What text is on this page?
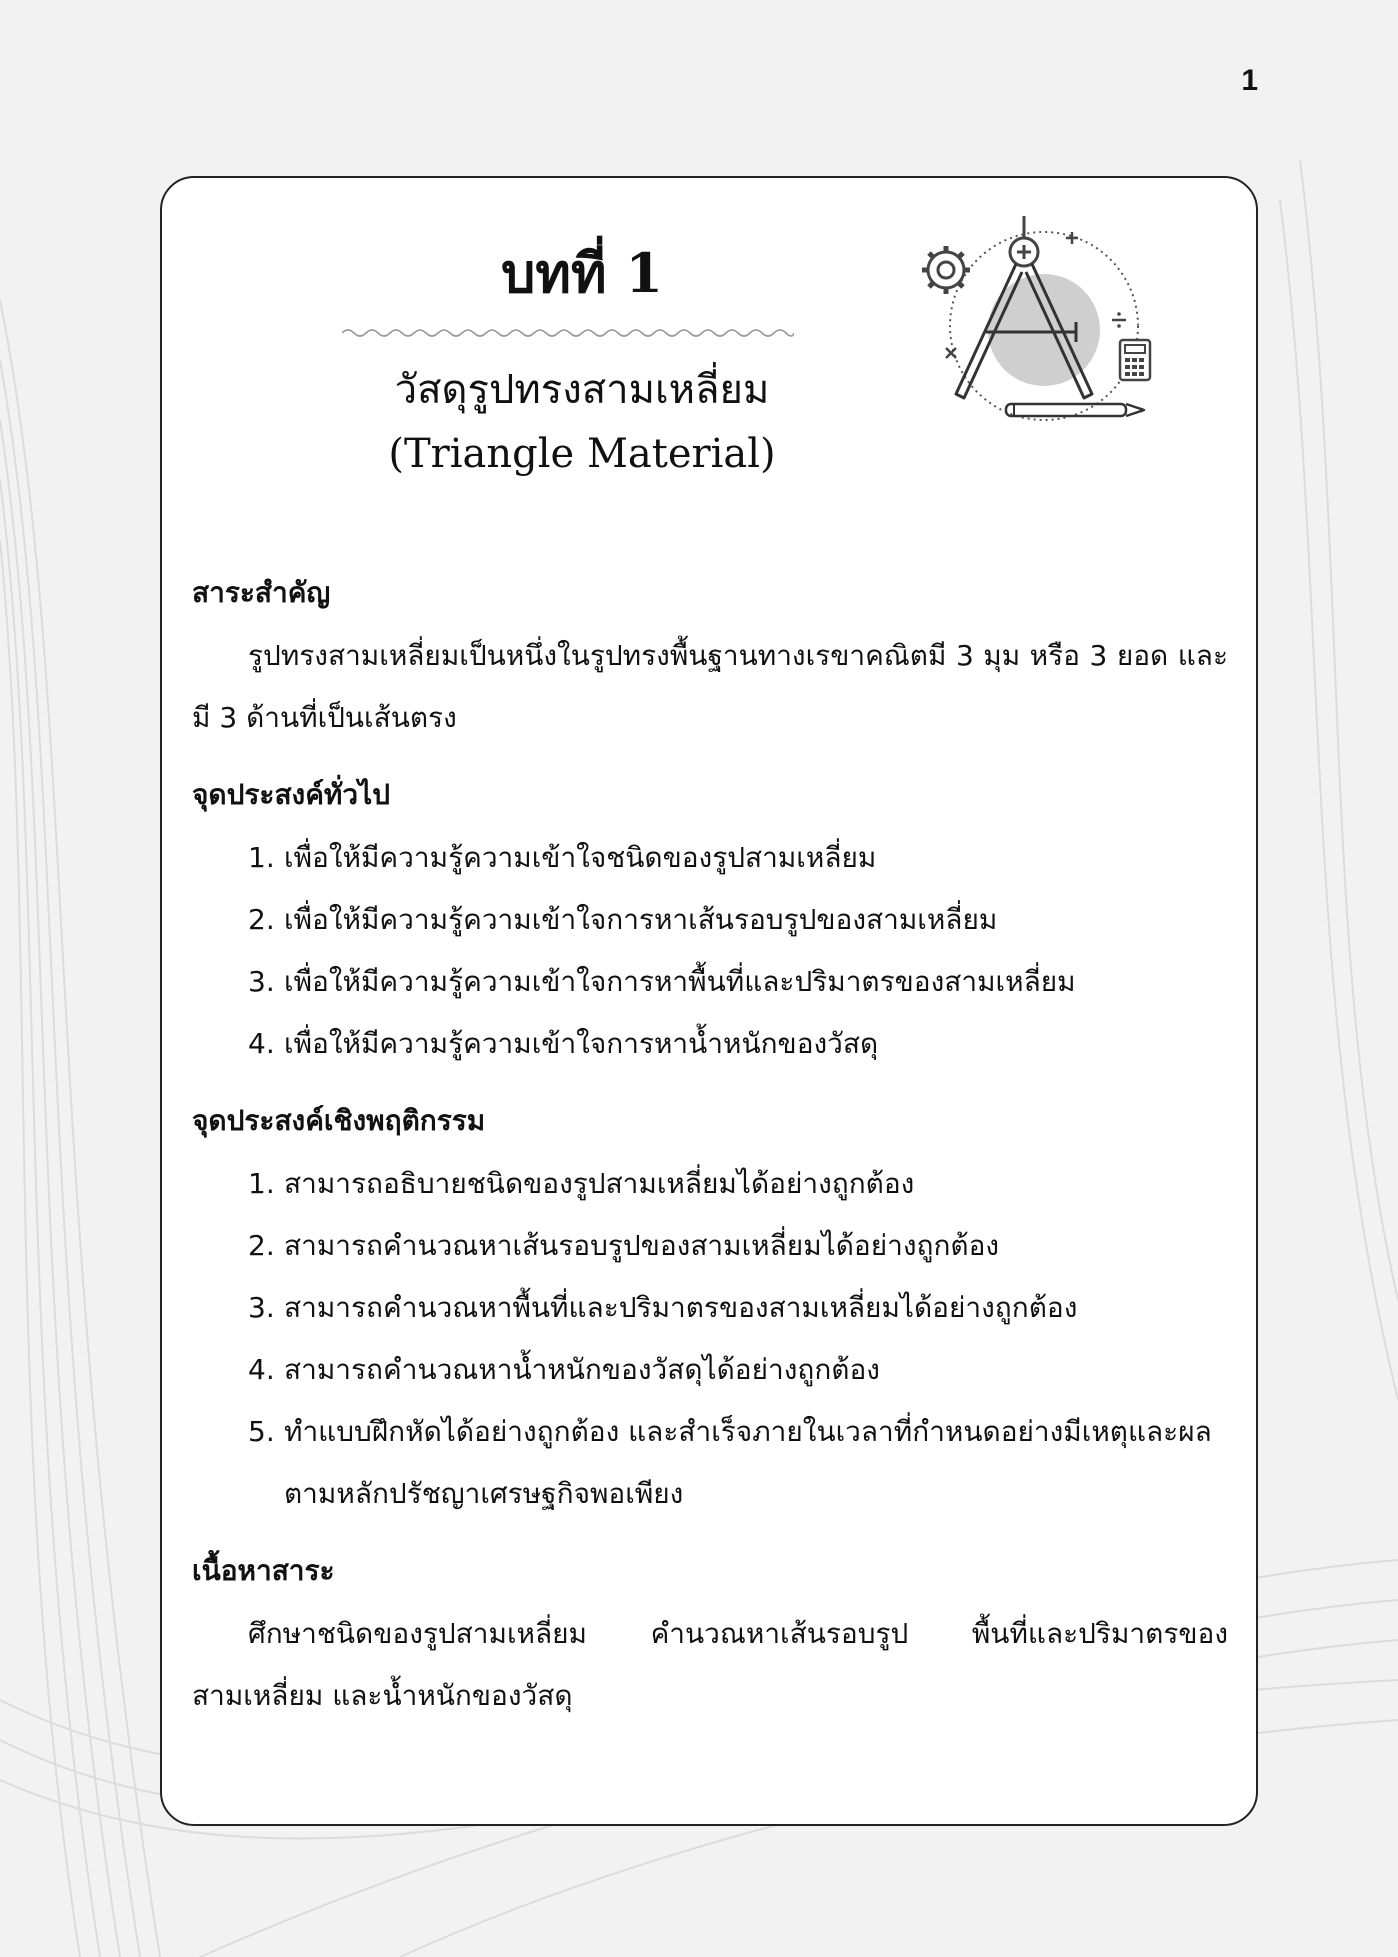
1
บทที่ 1
วัสดุรูปทรงสามเหลี่ยม
(Triangle Material)
สาระสำคัญ

รูปทรงสามเหลี่ยมเป็นหนึ่งในรูปทรงพื้นฐานทางเรขาคณิตมี 3 มุม หรือ 3 ยอด และมี 3 ด้านที่เป็นเส้นตรง

จุดประสงค์ทั่วไป
1. เพื่อให้มีความรู้ความเข้าใจชนิดของรูปสามเหลี่ยม
2. เพื่อให้มีความรู้ความเข้าใจการหาเส้นรอบรูปของสามเหลี่ยม
3. เพื่อให้มีความรู้ความเข้าใจการหาพื้นที่และปริมาตรของสามเหลี่ยม
4. เพื่อให้มีความรู้ความเข้าใจการหาน้ำหนักของวัสดุ
จุดประสงค์เชิงพฤติกรรม
1. สามารถอธิบายชนิดของรูปสามเหลี่ยมได้อย่างถูกต้อง
2. สามารถคำนวณหาเส้นรอบรูปของสามเหลี่ยมได้อย่างถูกต้อง
3. สามารถคำนวณหาพื้นที่และปริมาตรของสามเหลี่ยมได้อย่างถูกต้อง
4. สามารถคำนวณหาน้ำหนักของวัสดุได้อย่างถูกต้อง
5. ทำแบบฝึกหัดได้อย่างถูกต้อง และสำเร็จภายในเวลาที่กำหนดอย่างมีเหตุและผลตามหลักปรัชญาเศรษฐกิจพอเพียง
เนื้อหาสาระ

ศึกษาชนิดของรูปสามเหลี่ยม คำนวณหาเส้นรอบรูป พื้นที่และปริมาตรของสามเหลี่ยม และน้ำหนักของวัสดุ
